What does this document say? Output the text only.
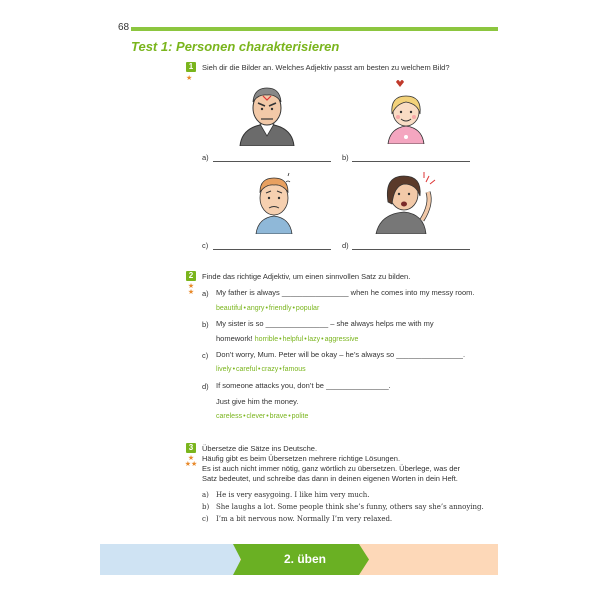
68
Test 1: Personen charakterisieren
1
★
Sieh dir die Bilder an. Welches Adjektiv passt am besten zu welchem Bild?
a)	b)
c)	d)
2
★
★
Finde das richtige Adjektiv, um einen sinnvollen Satz zu bilden.
a) My father is always ________________ when he comes into my messy room.
beautiful•angry•friendly•popular
b) My sister is so _______________ – she always helps me with my
homework! horrible•helpful•lazy•aggressive
c) Don’t worry, Mum. Peter will be okay – he’s always so ________________.
lively•careful•crazy•famous
d) If someone attacks you, don’t be _______________.
Just give him the money.
careless•clever•brave•polite
3
★
★★
Übersetze die Sätze ins Deutsche.
Häufig gibt es beim Übersetzen mehrere richtige Lösungen.
Es ist auch nicht immer nötig, ganz wörtlich zu übersetzen. Überlege, was der
Satz bedeutet, und schreibe das dann in deinen eigenen Worten in dein Heft.
a) He is very easygoing. I like him very much.
b) She laughs a lot. Some people think she’s funny, others say she’s annoying.
c) I’m a bit nervous now. Normally I’m very relaxed.
2. üben
